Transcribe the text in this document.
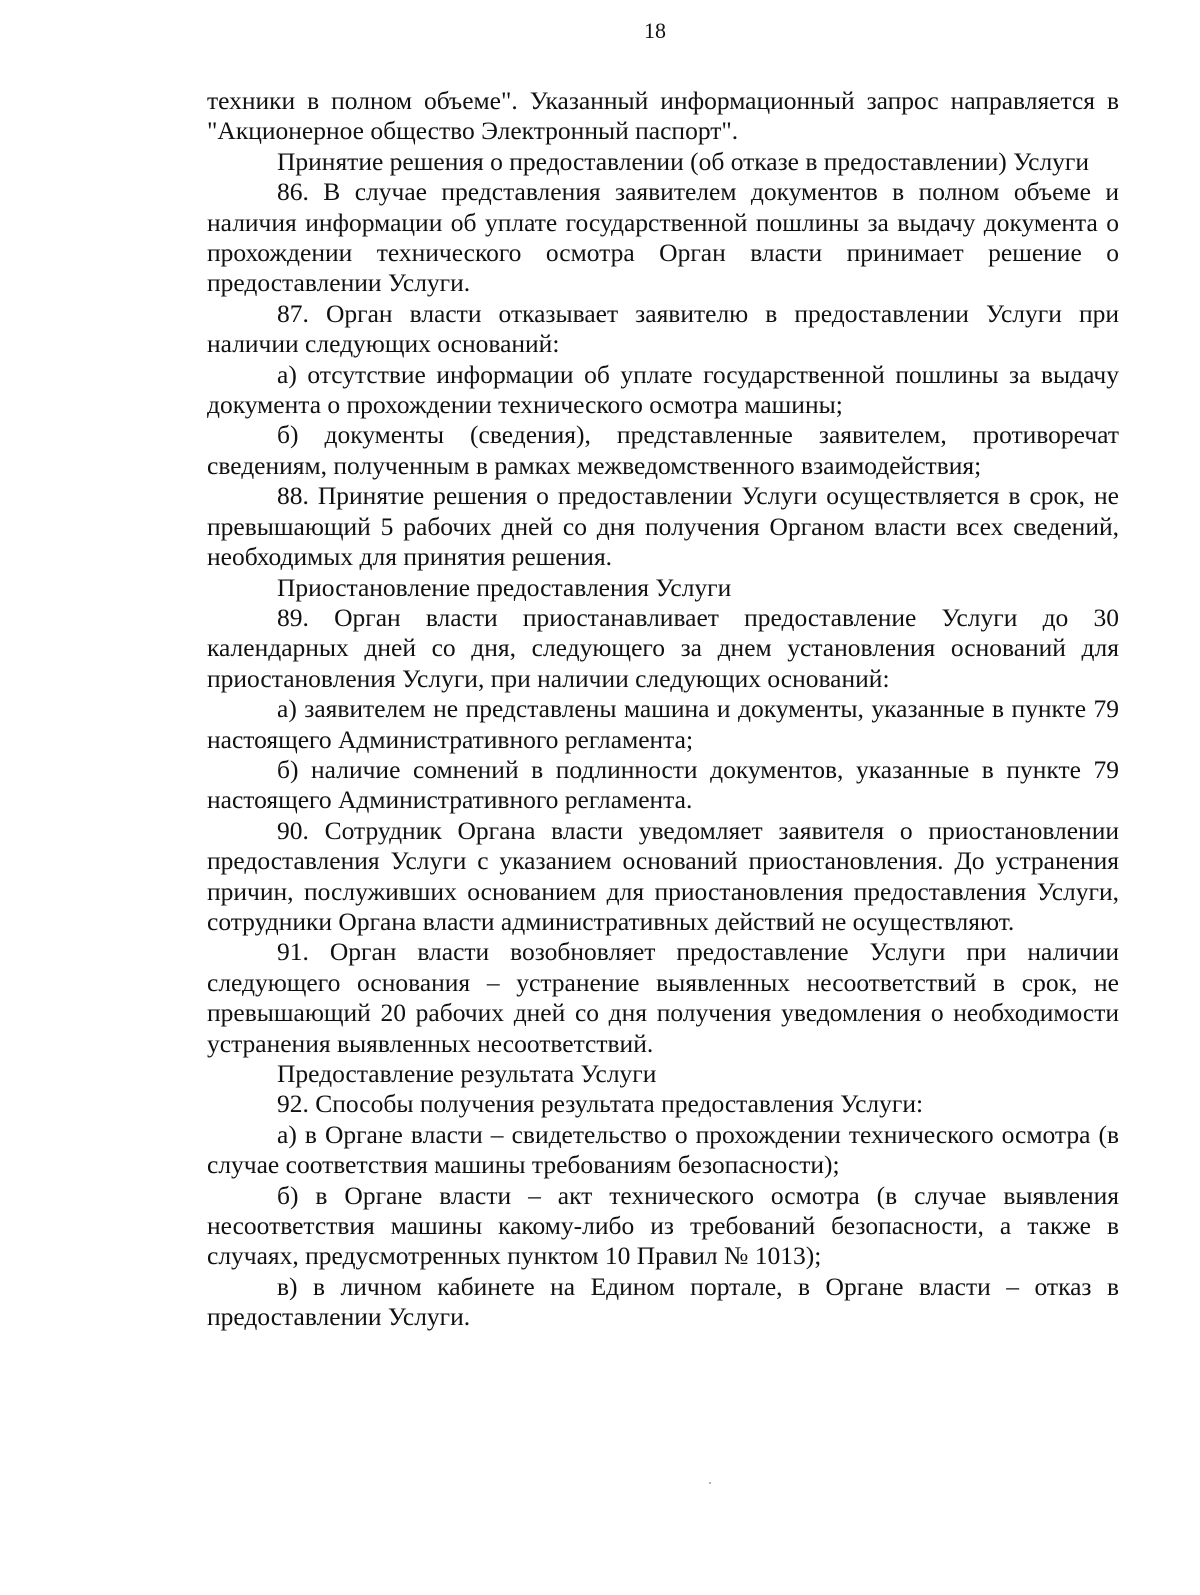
18

техники в полном объеме". Указанный информационный запрос направляется в "Акционерное общество Электронный паспорт".

Принятие решения о предоставлении (об отказе в предоставлении) Услуги

86. В случае представления заявителем документов в полном объеме и наличия информации об уплате государственной пошлины за выдачу документа о прохождении технического осмотра Орган власти принимает решение о предоставлении Услуги.

87. Орган власти отказывает заявителю в предоставлении Услуги при наличии следующих оснований:

а) отсутствие информации об уплате государственной пошлины за выдачу документа о прохождении технического осмотра машины;

б) документы (сведения), представленные заявителем, противоречат сведениям, полученным в рамках межведомственного взаимодействия;

88. Принятие решения о предоставлении Услуги осуществляется в срок, не превышающий 5 рабочих дней со дня получения Органом власти всех сведений, необходимых для принятия решения.

Приостановление предоставления Услуги

89. Орган власти приостанавливает предоставление Услуги до 30 календарных дней со дня, следующего за днем установления оснований для приостановления Услуги, при наличии следующих оснований:

а) заявителем не представлены машина и документы, указанные в пункте 79 настоящего Административного регламента;

б) наличие сомнений в подлинности документов, указанные в пункте 79 настоящего Административного регламента.

90. Сотрудник Органа власти уведомляет заявителя о приостановлении предоставления Услуги с указанием оснований приостановления. До устранения причин, послуживших основанием для приостановления предоставления Услуги, сотрудники Органа власти административных действий не осуществляют.

91. Орган власти возобновляет предоставление Услуги при наличии следующего основания – устранение выявленных несоответствий в срок, не превышающий 20 рабочих дней со дня получения уведомления о необходимости устранения выявленных несоответствий.

Предоставление результата Услуги

92. Способы получения результата предоставления Услуги:

а) в Органе власти – свидетельство о прохождении технического осмотра (в случае соответствия машины требованиям безопасности);

б) в Органе власти – акт технического осмотра (в случае выявления несоответствия машины какому-либо из требований безопасности, а также в случаях, предусмотренных пунктом 10 Правил № 1013);

в) в личном кабинете на Едином портале, в Органе власти – отказ в предоставлении Услуги.
